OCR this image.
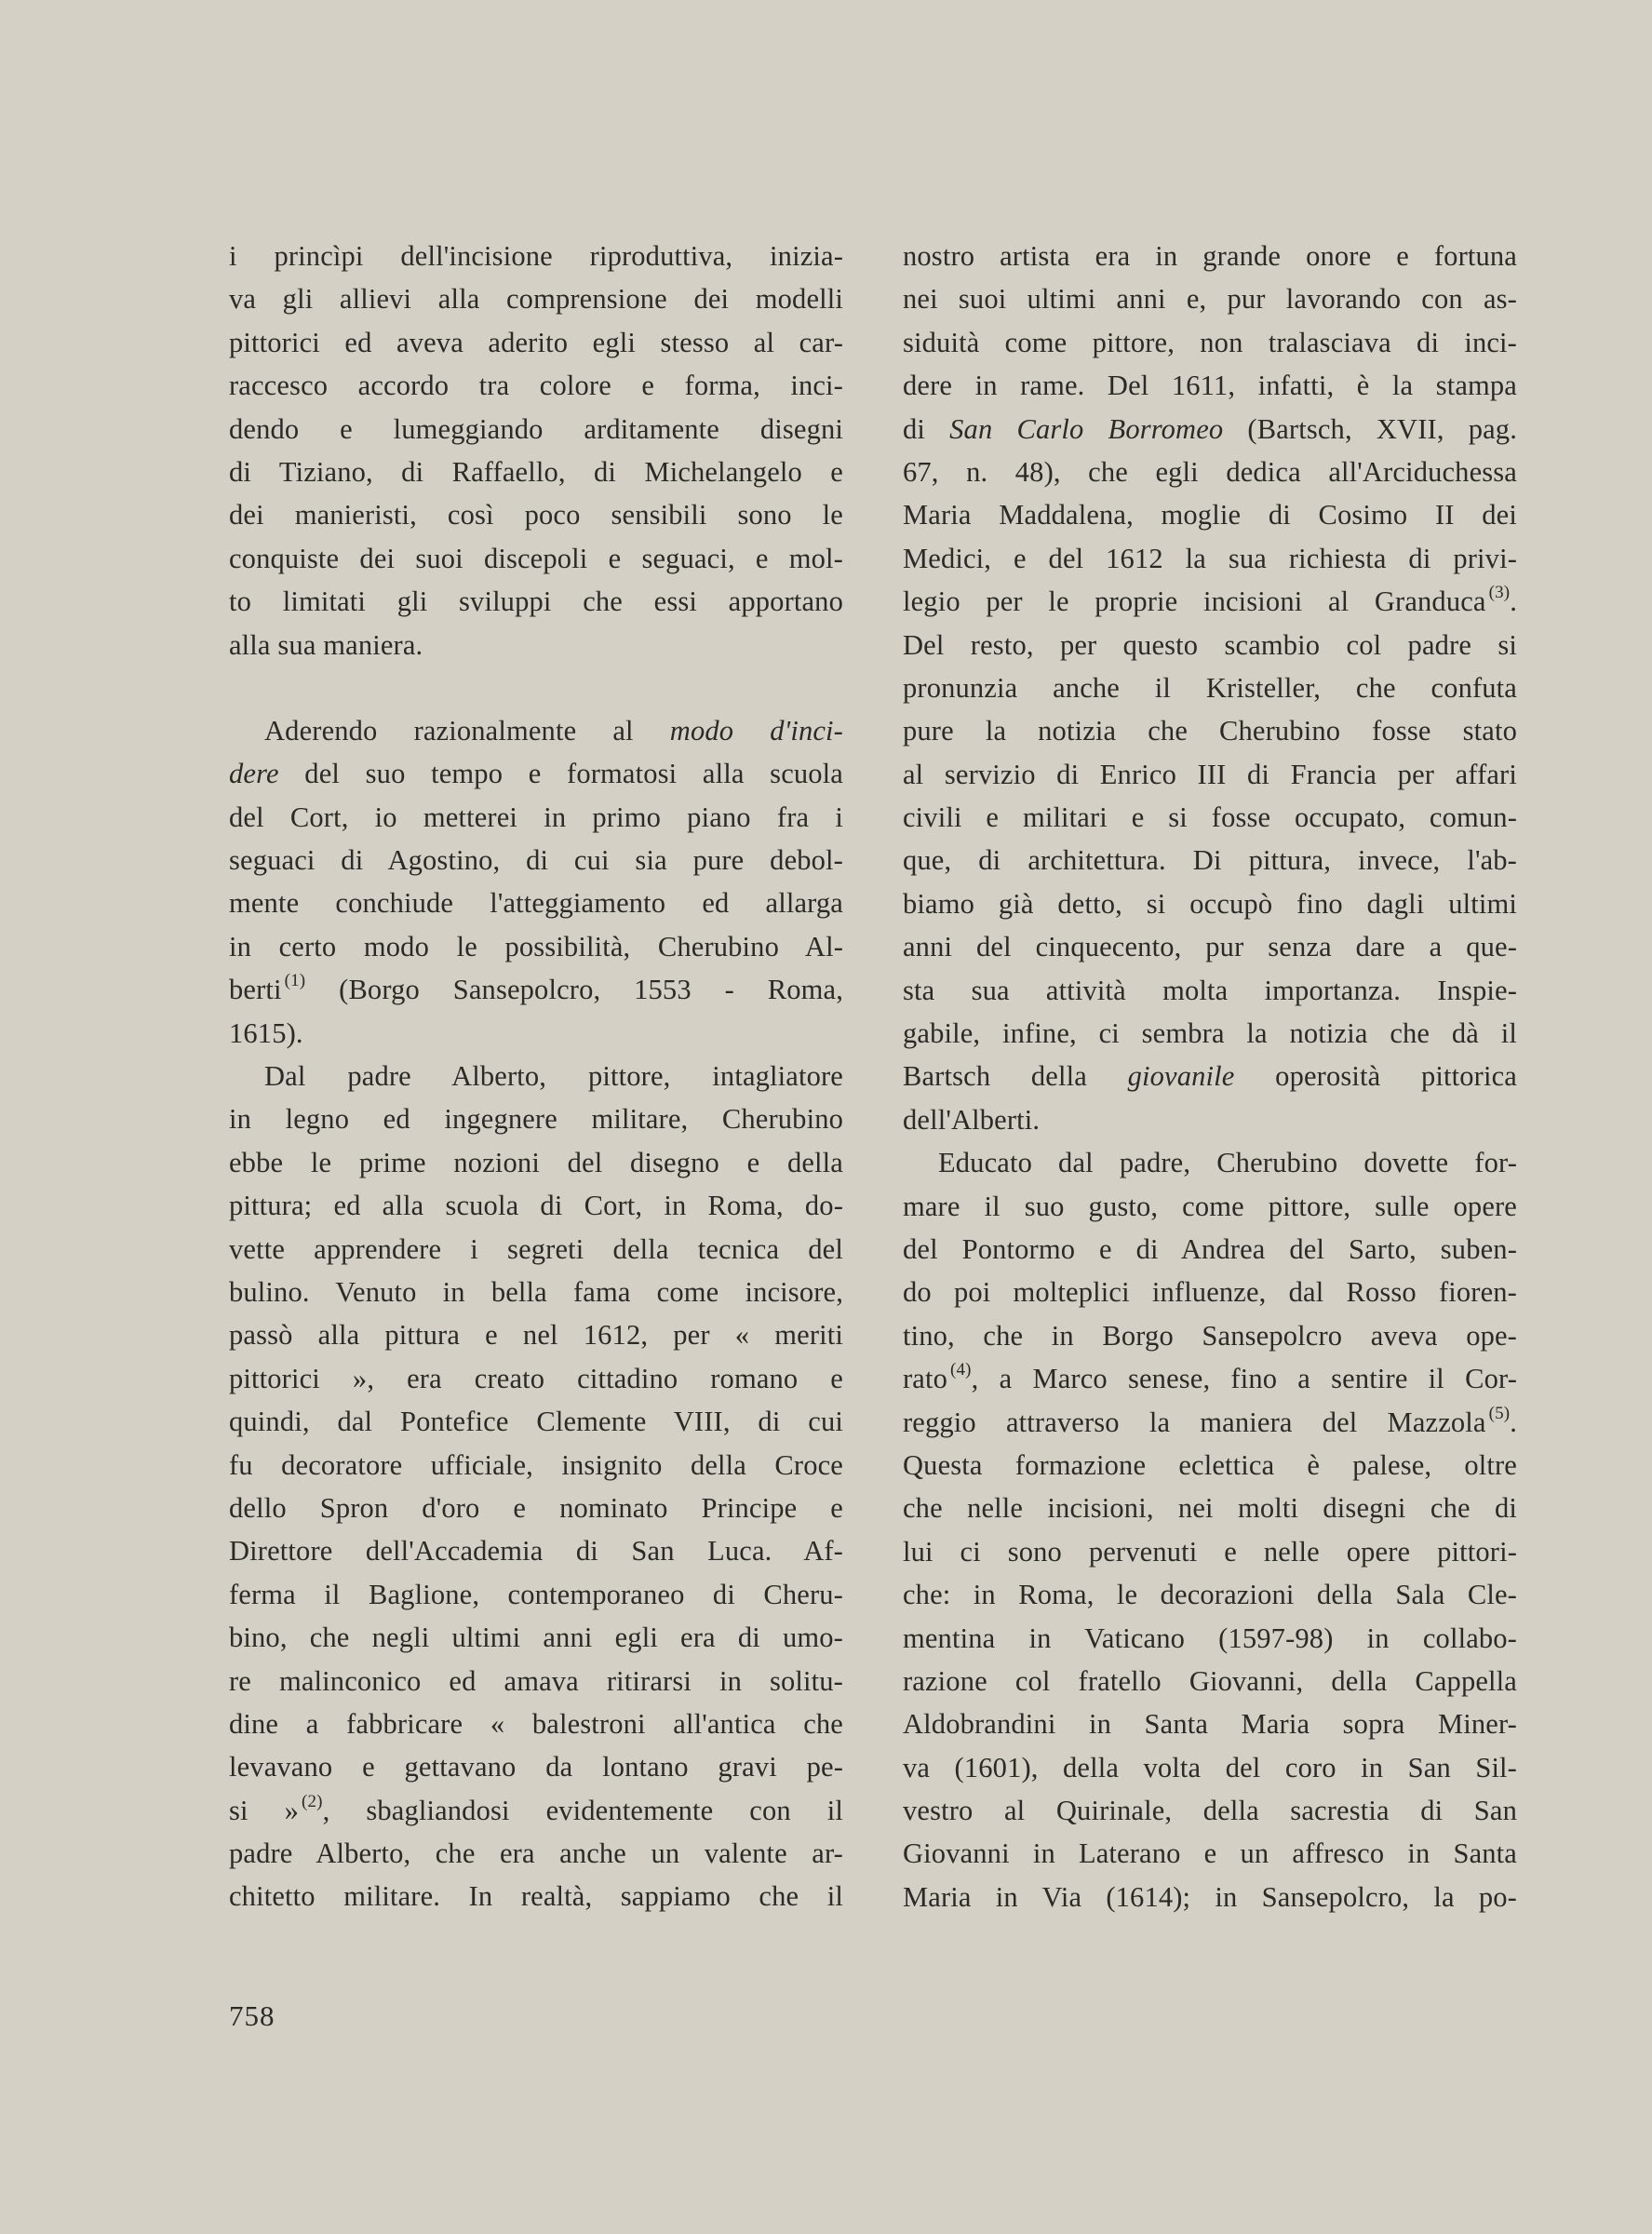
i princìpi dell'incisione riproduttiva, inizia-
va gli allievi alla comprensione dei modelli
pittorici ed aveva aderito egli stesso al car-
raccesco accordo tra colore e forma, inci-
dendo e lumeggiando arditamente disegni
di Tiziano, di Raffaello, di Michelangelo e
dei manieristi, così poco sensibili sono le
conquiste dei suoi discepoli e seguaci, e mol-
to limitati gli sviluppi che essi apportano
alla sua maniera.
Aderendo razionalmente al modo d'inci-
dere del suo tempo e formatosi alla scuola
del Cort, io metterei in primo piano fra i
seguaci di Agostino, di cui sia pure debol-
mente conchiude l'atteggiamento ed allarga
in certo modo le possibilità, Cherubino Al-
berti $^{(1)}$ (Borgo Sansepolcro, 1553 - Roma,
1615).
Dal padre Alberto, pittore, intagliatore
in legno ed ingegnere militare, Cherubino
ebbe le prime nozioni del disegno e della
pittura; ed alla scuola di Cort, in Roma, do-
vette apprendere i segreti della tecnica del
bulino. Venuto in bella fama come incisore,
passò alla pittura e nel 1612, per « meriti
pittorici », era creato cittadino romano e
quindi, dal Pontefice Clemente VIII, di cui
fu decoratore ufficiale, insignito della Croce
dello Spron d'oro e nominato Principe e
Direttore dell'Accademia di San Luca. Af-
ferma il Baglione, contemporaneo di Cheru-
bino, che negli ultimi anni egli era di umo-
re malinconico ed amava ritirarsi in solitu-
dine a fabbricare « balestroni all'antica che
levavano e gettavano da lontano gravi pe-
si » $^{(2)}$, sbagliandosi evidentemente con il
padre Alberto, che era anche un valente ar-
chitetto militare. In realtà, sappiamo che il
nostro artista era in grande onore e fortuna
nei suoi ultimi anni e, pur lavorando con as-
siduità come pittore, non tralasciava di inci-
dere in rame. Del 1611, infatti, è la stampa
di San Carlo Borromeo (Bartsch, XVII, pag.
67, n. 48), che egli dedica all'Arciduchessa
Maria Maddalena, moglie di Cosimo II dei
Medici, e del 1612 la sua richiesta di privi-
legio per le proprie incisioni al Granduca $^{(3)}$.
Del resto, per questo scambio col padre si
pronunzia anche il Kristeller, che confuta
pure la notizia che Cherubino fosse stato
al servizio di Enrico III di Francia per affari
civili e militari e si fosse occupato, comun-
que, di architettura. Di pittura, invece, l'ab-
biamo già detto, si occupò fino dagli ultimi
anni del cinquecento, pur senza dare a que-
sta sua attività molta importanza. Inspie-
gabile, infine, ci sembra la notizia che dà il
Bartsch della giovanile operosità pittorica
dell'Alberti.
Educato dal padre, Cherubino dovette for-
mare il suo gusto, come pittore, sulle opere
del Pontormo e di Andrea del Sarto, suben-
do poi molteplici influenze, dal Rosso fioren-
tino, che in Borgo Sansepolcro aveva ope-
rato $^{(4)}$, a Marco senese, fino a sentire il Cor-
reggio attraverso la maniera del Mazzola $^{(5)}$.
Questa formazione eclettica è palese, oltre
che nelle incisioni, nei molti disegni che di
lui ci sono pervenuti e nelle opere pittori-
che: in Roma, le decorazioni della Sala Cle-
mentina in Vaticano (1597-98) in collabo-
razione col fratello Giovanni, della Cappella
Aldobrandini in Santa Maria sopra Miner-
va (1601), della volta del coro in San Sil-
vestro al Quirinale, della sacrestia di San
Giovanni in Laterano e un affresco in Santa
Maria in Via (1614); in Sansepolcro, la po-
758
